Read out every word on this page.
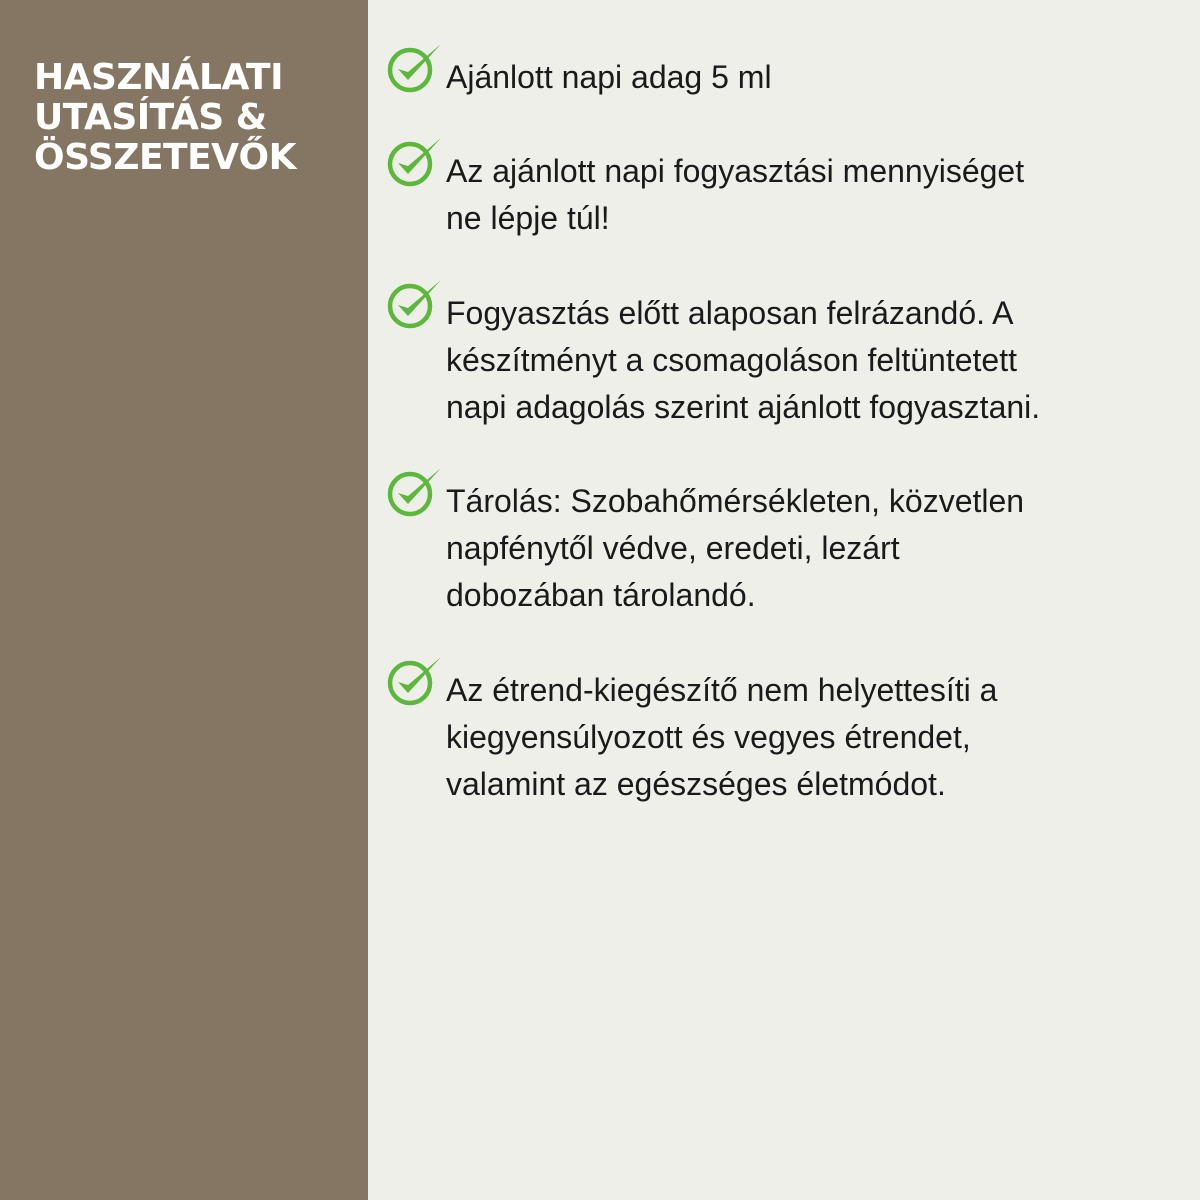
HASZNÁLATI
UTASÍTÁS &
ÖSSZETEVŐK
Ajánlott napi adag 5 ml
Az ajánlott napi fogyasztási mennyiséget
ne lépje túl!
Fogyasztás előtt alaposan felrázandó. A
készítményt a csomagoláson feltüntetett
napi adagolás szerint ajánlott fogyasztani.
Tárolás: Szobahőmérsékleten, közvetlen
napfénytől védve, eredeti, lezárt
dobozában tárolandó.
Az étrend-kiegészítő nem helyettesíti a
kiegyensúlyozott és vegyes étrendet,
valamint az egészséges életmódot.
